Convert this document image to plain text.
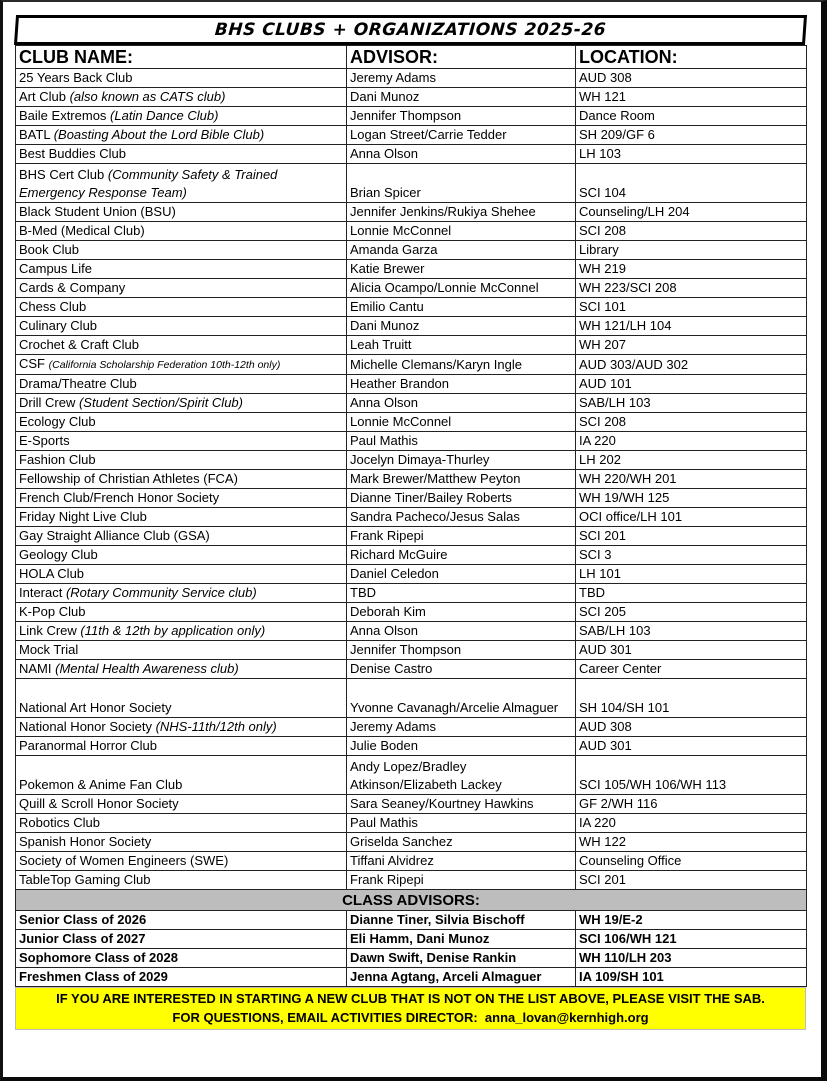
BHS CLUBS + ORGANIZATIONS 2025-26
CLUB NAME:	ADVISOR:	LOCATION:
25 Years Back Club	Jeremy Adams	AUD 308
Art Club (also known as CATS club)	Dani Munoz	WH 121
Baile Extremos (Latin Dance Club)	Jennifer Thompson	Dance Room
BATL (Boasting About the Lord Bible Club)	Logan Street/Carrie Tedder	SH 209/GF 6
Best Buddies Club	Anna Olson	LH 103
BHS Cert Club (Community Safety & Trained Emergency Response Team)	Brian Spicer	SCI 104
Black Student Union (BSU)	Jennifer Jenkins/Rukiya Shehee	Counseling/LH 204
B-Med (Medical Club)	Lonnie McConnel	SCI 208
Book Club	Amanda Garza	Library
Campus Life	Katie Brewer	WH 219
Cards & Company	Alicia Ocampo/Lonnie McConnel	WH 223/SCI 208
Chess Club	Emilio Cantu	SCI 101
Culinary Club	Dani Munoz	WH 121/LH 104
Crochet & Craft Club	Leah Truitt	WH 207
CSF (California Scholarship Federation 10th-12th only)	Michelle Clemans/Karyn Ingle	AUD 303/AUD 302
Drama/Theatre Club	Heather Brandon	AUD 101
Drill Crew (Student Section/Spirit Club)	Anna Olson	SAB/LH 103
Ecology Club	Lonnie McConnel	SCI 208
E-Sports	Paul Mathis	IA 220
Fashion Club	Jocelyn Dimaya-Thurley	LH 202
Fellowship of Christian Athletes (FCA)	Mark Brewer/Matthew Peyton	WH 220/WH 201
French Club/French Honor Society	Dianne Tiner/Bailey Roberts	WH 19/WH 125
Friday Night Live Club	Sandra Pacheco/Jesus Salas	OCI office/LH 101
Gay Straight Alliance Club (GSA)	Frank Ripepi	SCI 201
Geology Club	Richard McGuire	SCI 3
HOLA Club	Daniel Celedon	LH 101
Interact (Rotary Community Service club)	TBD	TBD
K-Pop Club	Deborah Kim	SCI 205
Link Crew (11th & 12th by application only)	Anna Olson	SAB/LH 103
Mock Trial	Jennifer Thompson	AUD 301
NAMI (Mental Health Awareness club)	Denise Castro	Career Center
National Art Honor Society	Yvonne Cavanagh/Arcelie Almaguer	SH 104/SH 101
National Honor Society (NHS-11th/12th only)	Jeremy Adams	AUD 308
Paranormal Horror Club	Julie Boden	AUD 301
Pokemon & Anime Fan Club	Andy Lopez/Bradley Atkinson/Elizabeth Lackey	SCI 105/WH 106/WH 113
Quill & Scroll Honor Society	Sara Seaney/Kourtney Hawkins	GF 2/WH 116
Robotics Club	Paul Mathis	IA 220
Spanish Honor Society	Griselda Sanchez	WH 122
Society of Women Engineers (SWE)	Tiffani Alvidrez	Counseling Office
TableTop Gaming Club	Frank Ripepi	SCI 201
CLASS ADVISORS:		
Senior Class of 2026	Dianne Tiner, Silvia Bischoff	WH 19/E-2
Junior Class of 2027	Eli Hamm, Dani Munoz	SCI 106/WH 121
Sophomore Class of 2028	Dawn Swift, Denise Rankin	WH 110/LH 203
Freshmen Class of 2029	Jenna Agtang, Arceli Almaguer	IA 109/SH 101
IF YOU ARE INTERESTED IN STARTING A NEW CLUB THAT IS NOT ON THE LIST ABOVE, PLEASE VISIT THE SAB.
FOR QUESTIONS, EMAIL ACTIVITIES DIRECTOR:  anna_lovan@kernhigh.org
